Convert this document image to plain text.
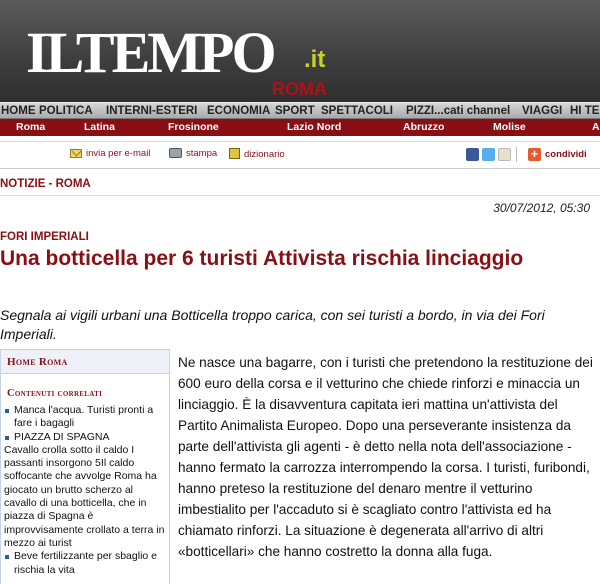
ILTEMPO .it
ROMA
HOME POLITICA INTERNI-ESTERI ECONOMIA SPORT SPETTACOLI PIZZI...cati channel VIAGGI HI TE
Roma	Latina	Frosinone	Lazio Nord	Abruzzo	Molise	A
invia per e-mail	stampa	dizionario	+ condividi
NOTIZIE - ROMA
30/07/2012, 05:30
FORI IMPERIALI
Una botticella per 6 turisti Attivista rischia linciaggio

Segnala ai vigili urbani una Botticella troppo carica, con sei turisti a bordo, in via dei Fori Imperiali.

Home Roma
Contenuti correlati
Manca l'acqua. Turisti pronti a fare i bagagli
PIAZZA DI SPAGNA
Cavallo crolla sotto il caldo I passanti insorgono 5Il caldo soffocante che avvolge Roma ha giocato un brutto scherzo al cavallo di una botticella, che in piazza di Spagna è improvvisamente crollato a terra in mezzo ai turist
Beve fertilizzante per sbaglio e rischia la vita
Ne nasce una bagarre, con i turisti che pretendono la restituzione dei 600 euro della corsa e il vetturino che chiede rinforzi e minaccia un linciaggio. È la disavventura capitata ieri mattina un'attivista del Partito Animalista Europeo. Dopo una perseverante insistenza da parte dell'attivista gli agenti - è detto nella nota dell'associazione - hanno fermato la carrozza interrompendo la corsa. I turisti, furibondi, hanno preteso la restituzione del denaro mentre il vetturino imbestialito per l'accaduto si è scagliato contro l'attivista ed ha chiamato rinforzi. La situazione è degenerata all'arrivo di altri «botticellari» che hanno costretto la donna alla fuga.
